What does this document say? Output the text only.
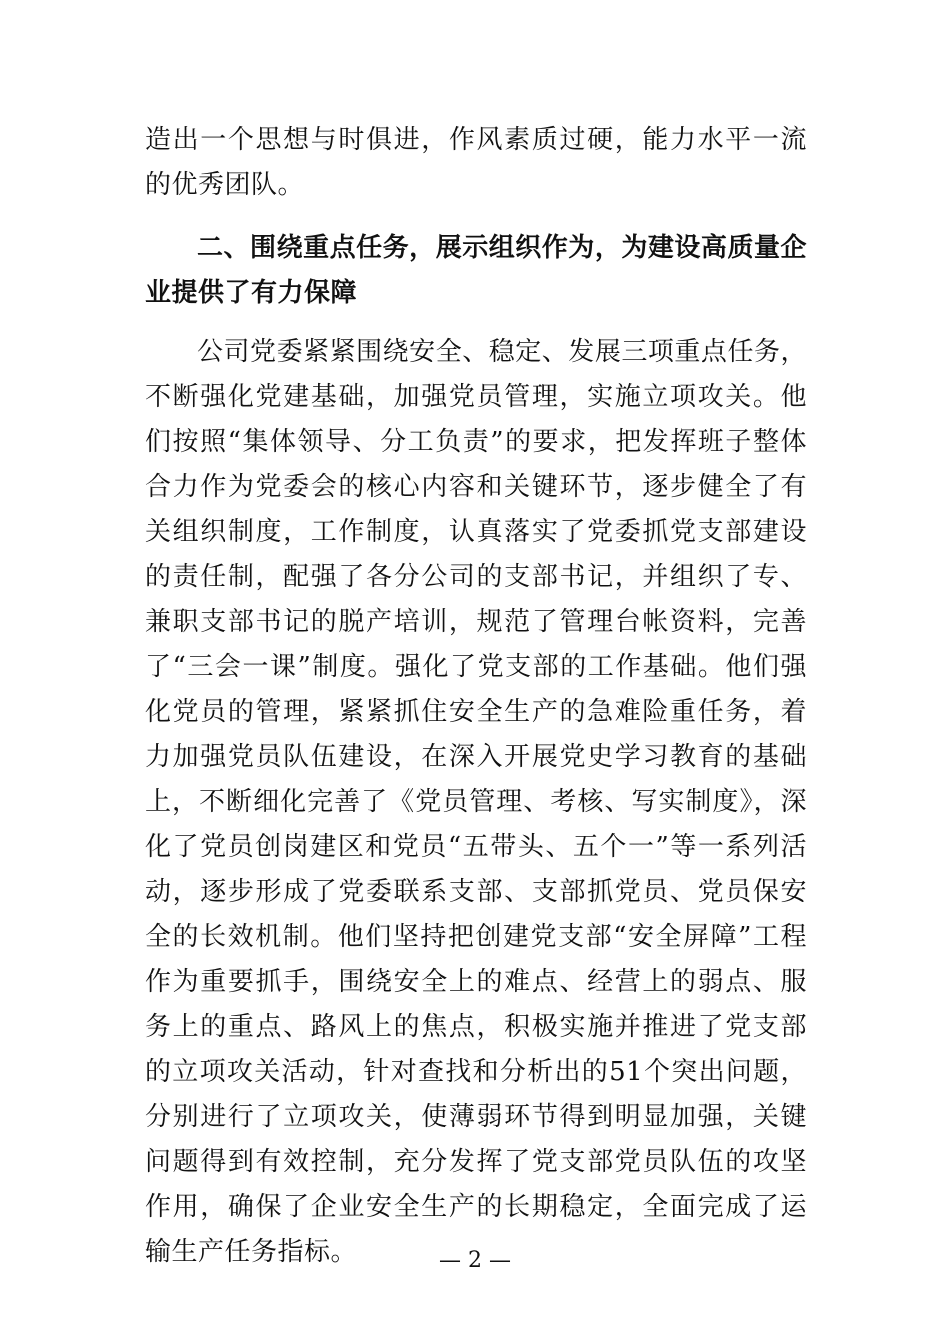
造出一个思想与时俱进，作风素质过硬，能力水平一流的优秀团队。

二、围绕重点任务，展示组织作为，为建设高质量企业提供了有力保障

公司党委紧紧围绕安全、稳定、发展三项重点任务，不断强化党建基础，加强党员管理，实施立项攻关。他们按照“集体领导、分工负责”的要求，把发挥班子整体合力作为党委会的核心内容和关键环节，逐步健全了有关组织制度，工作制度，认真落实了党委抓党支部建设的责任制，配强了各分公司的支部书记，并组织了专、兼职支部书记的脱产培训，规范了管理台帐资料，完善了“三会一课”制度。强化了党支部的工作基础。他们强化党员的管理，紧紧抓住安全生产的急难险重任务，着力加强党员队伍建设，在深入开展党史学习教育的基础上，不断细化完善了《党员管理、考核、写实制度》，深化了党员创岗建区和党员“五带头、五个一”等一系列活动，逐步形成了党委联系支部、支部抓党员、党员保安全的长效机制。他们坚持把创建党支部“安全屏障”工程作为重要抓手，围绕安全上的难点、经营上的弱点、服务上的重点、路风上的焦点，积极实施并推进了党支部的立项攻关活动，针对查找和分析出的51个突出问题，分别进行了立项攻关，使薄弱环节得到明显加强，关键问题得到有效控制，充分发挥了党支部党员队伍的攻坚作用，确保了企业安全生产的长期稳定，全面完成了运输生产任务指标。	— 2 —
